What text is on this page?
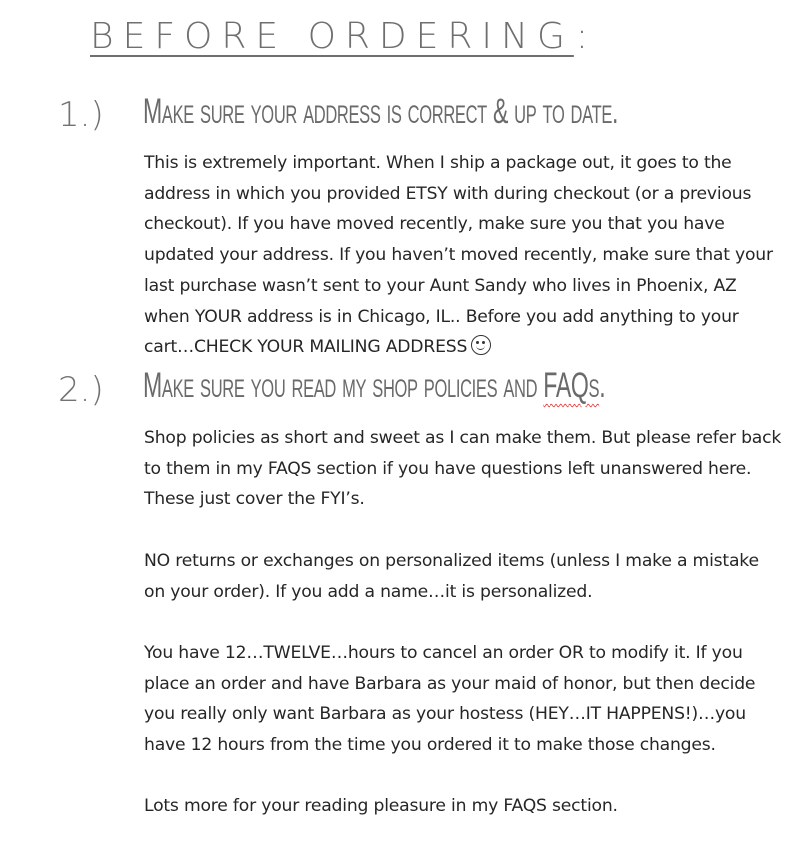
BEFORE ORDERING:
1.) Make sure your address is correct & up to date.

This is extremely important. When I ship a package out, it goes to the address in which you provided ETSY with during checkout (or a previous checkout). If you have moved recently, make sure you that you have updated your address. If you haven’t moved recently, make sure that your last purchase wasn’t sent to your Aunt Sandy who lives in Phoenix, AZ when YOUR address is in Chicago, IL.. Before you add anything to your cart…CHECK YOUR MAILING ADDRESS

2.) Make sure you read my shop policies and FAQs.

Shop policies as short and sweet as I can make them. But please refer back to them in my FAQS section if you have questions left unanswered here. These just cover the FYI’s.

NO returns or exchanges on personalized items (unless I make a mistake on your order). If you add a name…it is personalized.

You have 12…TWELVE…hours to cancel an order OR to modify it. If you place an order and have Barbara as your maid of honor, but then decide you really only want Barbara as your hostess (HEY…IT HAPPENS!)…you have 12 hours from the time you ordered it to make those changes.

Lots more for your reading pleasure in my FAQS section.
